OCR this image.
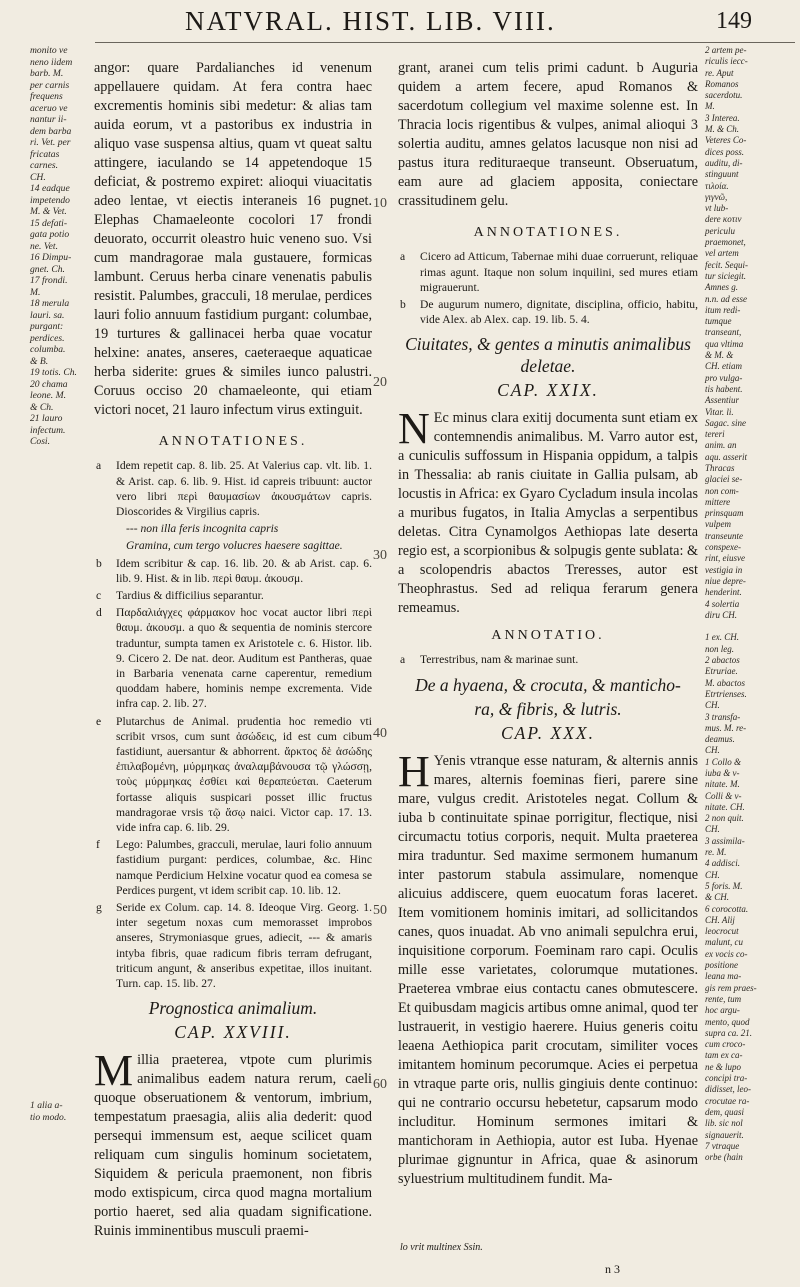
NATVRAL. HIST. LIB. VIII.	149
monito ve
neno iidem
barb. M.
per carnis
frequens
aceruo ve
nantur ii-
dem barba
ri. Vet. per
fricatas
carnes.
CH.
14 eadque
impetendo
M. & Vet.
15 defati-
gata potio
ne. Vet.
16 Dimpu-
gnet. Ch.
17 frondi.
M.
18 merula
lauri. sa.
purgant:
perdices.
columba.
& B.
19 totis. Ch.
20 chama
leone. M.
& Ch.
21 lauro
infectum.
Cosi.
1 alia a-
tio modo.
2 artem pe-
riculis iecc-
re. Aput
Romanos
sacerdotu.
M.
3 Interea.
M. & Ch.
Veteres Co-
dices poss.
auditu, di-
stinguunt
τιλοία.
γιγνῶ,
vt lub-
dere κοτιν
periculu
praemonet,
vel artem
fecit. Sequi-
tur siciegit.
Amnes g.
n.n. ad esse
itum redi-
tumque
transeant,
qua vltima
& M. &
CH. etiam
pro vulga-
tis habent.
Assentiur
Vitar. li.
Sagac. sine
tereri
anim. an
aqu. asserit
Thracas
glaciei se-
non com-
mittere
prinsquam
vulpem
transeunte
conspexe-
rint, eiusve
vestigia in
niue depre-
henderint.
4 solertia
diru CH.

1 ex. CH.
non leg.
2 abactos
Etruriae.
M. abactos
Etrtrienses.
CH.
3 transfa-
mus. M. re-
deamus.
CH.
1 Collo &
iuba & v-
nitate. M.
Colli & v-
nitate. CH.
2 non quit.
CH.
3 assimila-
re. M.
4 addisci.
CH.
5 foris. M.
& CH.
6 corocotta.
CH. Alij
leocrocut
malunt, cu
ex vocis co-
positione
leana ma-
gis rem praes-
rente, tum
hoc argu-
mento, quod
supra ca. 21.
cum croco-
tam ex ca-
ne & lupo
concipi tra-
didisset, leo-
crocutae ra-
dem, quasi
lib. sic nol
signauerit.
7 vtraque
orbe (hain
10
20
30
40
50
60

angor: quare Pardalianches id venenum appellauere quidam. At fera contra haec excrementis hominis sibi medetur: & alias tam auida eorum, vt a pastoribus ex industria in aliquo vase suspensa altius, quam vt queat saltu attingere, iaculando se 14 appetendoque 15 deficiat, & postremo expiret: alioqui viuacitatis adeo lentae, vt eiectis interaneis 16 pugnet. Elephas Chamaeleonte cocolori 17 frondi deuorato, occurrit oleastro huic veneno suo. Vsi cum mandragorae mala gustauere, formicas lambunt. Ceruus herba cinare venenatis pabulis resistit. Palumbes, gracculi, 18 merulae, perdices lauri folio annuum fastidium purgant: columbae, 19 turtures & gallinacei herba quae vocatur helxine: anates, anseres, caeteraeque aquaticae herba siderite: grues & similes iunco palustri. Coruus occiso 20 chamaeleonte, qui etiam victori nocet, 21 lauro infectum virus extinguit.

ANNOTATIONES.
a Idem repetit cap. 8. lib. 25. At Valerius cap. vlt. lib. 1. & Arist. cap. 6. lib. 9. Hist. id capreis tribuunt: auctor vero libri περὶ θαυμασίων ἀκουσμάτων capris. Dioscorides & Virgilius capris.
--- non illa feris incognita capris
Gramina, cum tergo volucres haesere sagittae.
b Idem scribitur & cap. 16. lib. 20. & ab Arist. cap. 6. lib. 9. Hist. & in lib. περὶ θαυμ. ἀκουσμ.
c Tardius & difficilius separantur.
d Παρδαλιάγχες φάρμακον hoc vocat auctor libri περὶ θαυμ. ἀκουσμ. a quo & sequentia de nominis stercore traduntur, sumpta tamen ex Aristotele c. 6. Histor. lib. 9. Cicero 2. De nat. deor. Auditum est Pantheras, quae in Barbaria venenata carne caperentur, remedium quoddam habere, hominis nempe excrementa. Vide infra cap. 2. lib. 27.
e Plutarchus de Animal. prudentia hoc remedio vti scribit vrsos, cum sunt ἀσώδεις, id est cum cibum fastidiunt, auersantur & abhorrent. ἄρκτος δὲ ἀσώδης ἐπιλαβομένη, μύρμηκας ἀναλαμβάνουσα τῷ γλώσσῃ, τοὺς μύρμηκας ἐσθίει καὶ θεραπεύεται. Caeterum fortasse aliquis suspicari posset illic fructus mandragorae vrsis τῷ ἄσῳ naici. Victor cap. 17. 13. vide infra cap. 6. lib. 29.
f Lego: Palumbes, gracculi, merulae, lauri folio annuum fastidium purgant: perdices, columbae, &c. Hinc namque Perdicium Helxine vocatur quod ea comesa se Perdices purgent, vt idem scribit cap. 10. lib. 12.
g Seride ex Colum. cap. 14. 8. Ideoque Virg. Georg. 1. inter segetum noxas cum memorasset improbos anseres, Strymoniasque grues, adiecit, --- & amaris intyba fibris, quae radicum fibris terram defrugant, triticum angunt, & anseribus expetitae, illos inuitant. Turn. cap. 15. lib. 27.
Prognostica animalium.
CAP. XXVIII.
Millia praeterea, vtpote cum plurimis animalibus eadem natura rerum, caeli quoque obseruationem & ventorum, imbrium, tempestatum praesagia, aliis alia dederit: quod persequi immensum est, aeque scilicet quam reliquam cum singulis hominum societatem, Siquidem & pericula praemonent, non fibris modo extispicum, circa quod magna mortalium portio haeret, sed alia quadam significatione. Ruinis imminentibus musculi praemi-

grant, aranei cum telis primi cadunt. b Auguria quidem a artem fecere, apud Romanos & sacerdotum collegium vel maxime solenne est. In Thracia locis rigentibus & vulpes, animal alioqui 3 solertia auditu, amnes gelatos lacusque non nisi ad pastus itura redituraeque transeunt. Obseruatum, eam aure ad glaciem apposita, coniectare crassitudinem gelu.

ANNOTATIONES.
a Cicero ad Atticum, Tabernae mihi duae corruerunt, reliquae rimas agunt. Itaque non solum inquilini, sed mures etiam migrauerunt.
b De augurum numero, dignitate, disciplina, officio, habitu, vide Alex. ab Alex. cap. 19. lib. 5. 4.
Ciuitates, & gentes a minutis animalibus deletae.
CAP. XXIX.
N Ec minus clara exitij documenta sunt etiam ex contemnendis animalibus. M. Varro autor est, a cuniculis suffossum in Hispania oppidum, a talpis in Thessalia: ab ranis ciuitate in Gallia pulsam, ab locustis in Africa: ex Gyaro Cycladum insula incolas a muribus fugatos, in Italia Amyclas a serpentibus deletas. Citra Cynamolgos Aethiopas late deserta regio est, a scorpionibus & solpugis gente sublata: & a scolopendris abactos Treresses, autor est Theophrastus. Sed ad reliqua ferarum genera remeamus.
ANNOTATIO.
a Terrestribus, nam & marinae sunt.
De a hyaena, & crocuta, & manticho-
ra, & fibris, & lutris.
CAP. XXX.
H Yenis vtranque esse naturam, & alternis annis mares, alternis foeminas fieri, parere sine mare, vulgus credit. Aristoteles negat. Collum & iuba b continuitate spinae porrigitur, flectique, nisi circumactu totius corporis, nequit. Multa praeterea mira traduntur. Sed maxime sermonem humanum inter pastorum stabula assimulare, nomenque alicuius addiscere, quem euocatum foras laceret. Item vomitionem hominis imitari, ad sollicitandos canes, quos inuadat. Ab vno animali sepulchra erui, inquisitione corporum. Foeminam raro capi. Oculis mille esse varietates, colorumque mutationes. Praeterea vmbrae eius contactu canes obmutescere. Et quibusdam magicis artibus omne animal, quod ter lustrauerit, in vestigio haerere. Huius generis coitu leaena Aethiopica parit crocutam, similiter voces imitantem hominum pecorumque. Acies ei perpetua in vtraque parte oris, nullis gingiuis dente continuo: qui ne contrario occursu hebetetur, capsarum modo includitur. Hominum sermones imitari & mantichoram in Aethiopia, autor est Iuba. Hyenae plurimae gignuntur in Africa, quae & asinorum syluestrium multitudinem fundit. Ma-
lo vrit multinex Ssin.
n 3
